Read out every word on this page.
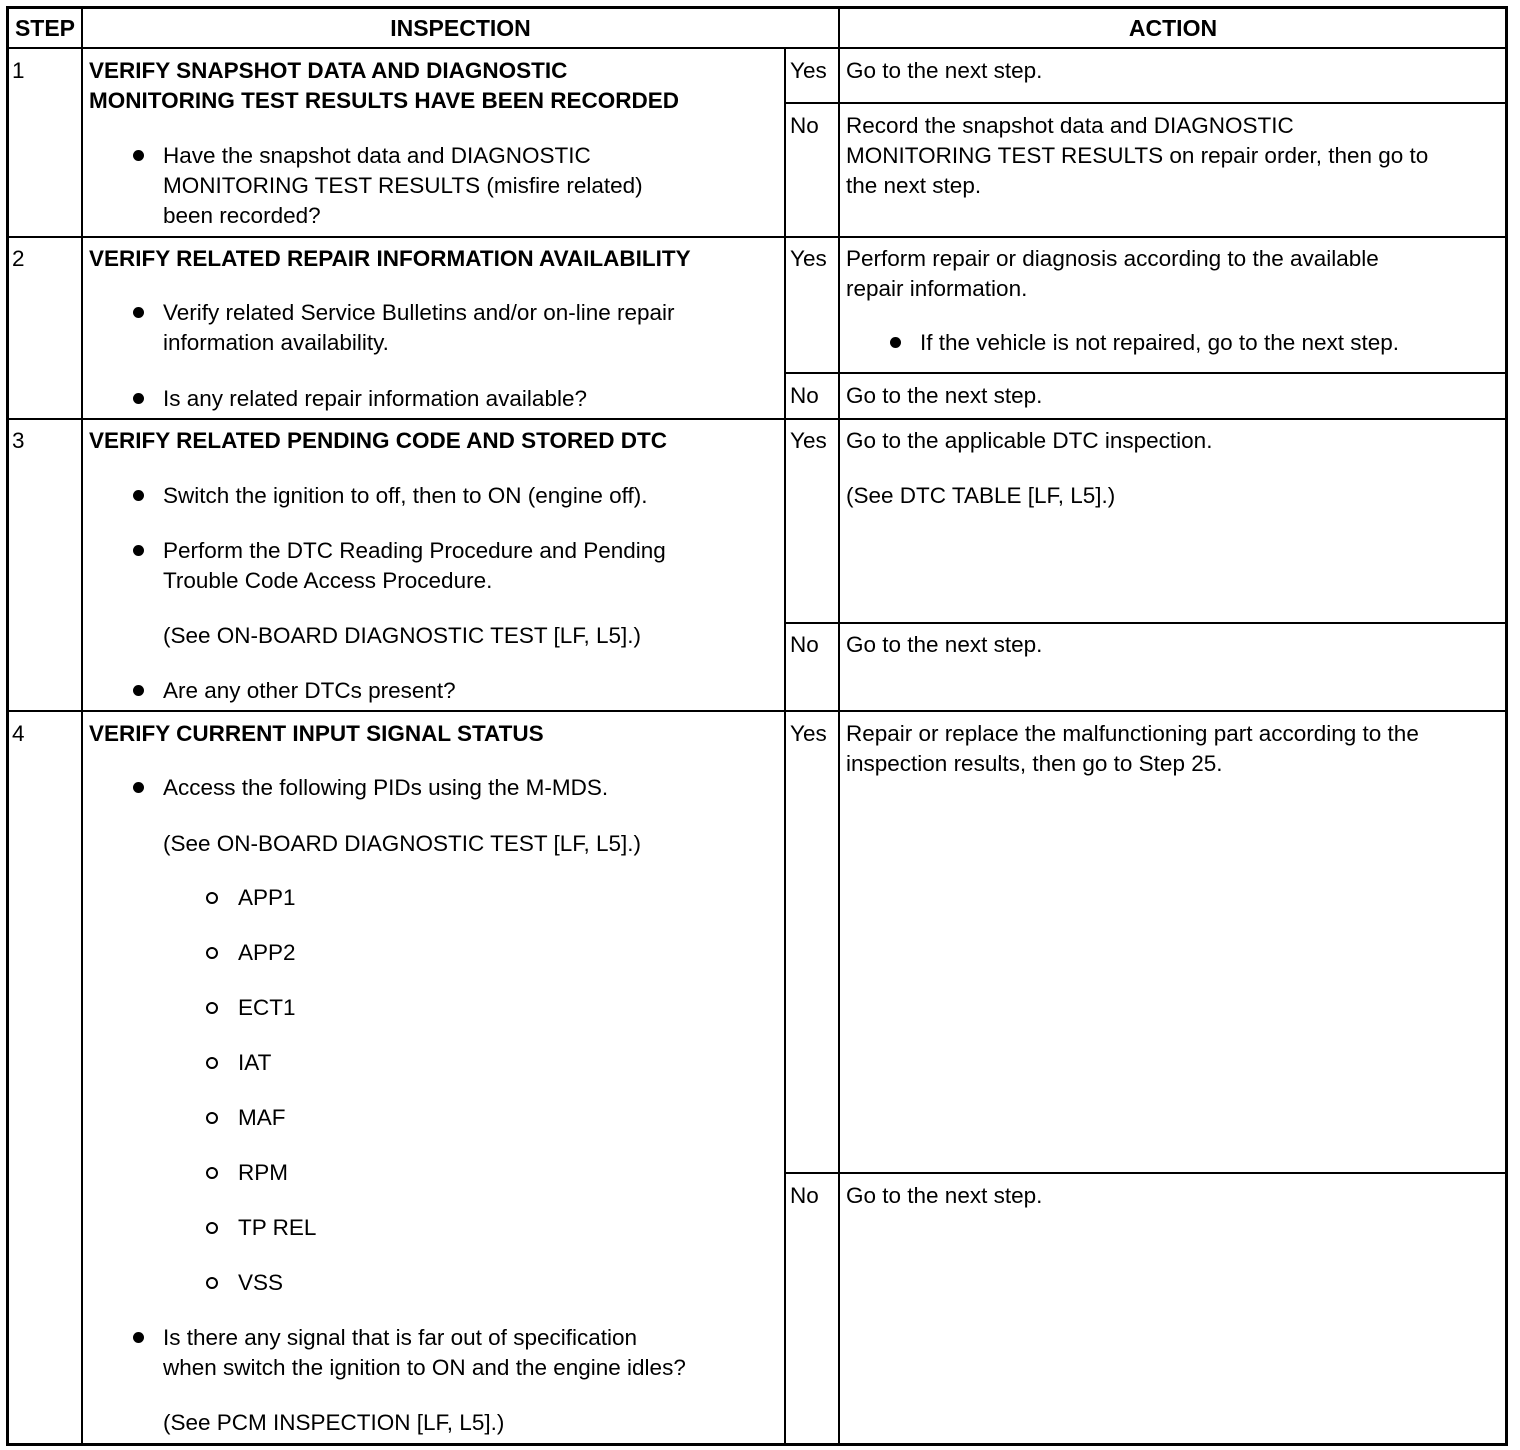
STEP	INSPECTION	ACTION
1	VERIFY SNAPSHOT DATA AND DIAGNOSTIC
MONITORING TEST RESULTS HAVE BEEN RECORDED
Have the snapshot data and DIAGNOSTIC
MONITORING TEST RESULTS (misfire related)
been recorded?
Yes Go to the next step.
No Record the snapshot data and DIAGNOSTIC
MONITORING TEST RESULTS on repair order, then go to
the next step.
2	VERIFY RELATED REPAIR INFORMATION AVAILABILITY
Verify related Service Bulletins and/or on-line repair
information availability.
Is any related repair information available?
Yes Perform repair or diagnosis according to the available
repair information.
If the vehicle is not repaired, go to the next step.
No Go to the next step.
3	VERIFY RELATED PENDING CODE AND STORED DTC
Switch the ignition to off, then to ON (engine off).
Perform the DTC Reading Procedure and Pending
Trouble Code Access Procedure.
(See ON-BOARD DIAGNOSTIC TEST [LF, L5].)
Are any other DTCs present?
Yes Go to the applicable DTC inspection.
(See DTC TABLE [LF, L5].)
No Go to the next step.
4	VERIFY CURRENT INPUT SIGNAL STATUS
Access the following PIDs using the M-MDS.
(See ON-BOARD DIAGNOSTIC TEST [LF, L5].)
APP1
APP2
ECT1
IAT
MAF
RPM
TP REL
VSS
Is there any signal that is far out of specification
when switch the ignition to ON and the engine idles?
(See PCM INSPECTION [LF, L5].)
Yes Repair or replace the malfunctioning part according to the
inspection results, then go to Step 25.
No Go to the next step.
